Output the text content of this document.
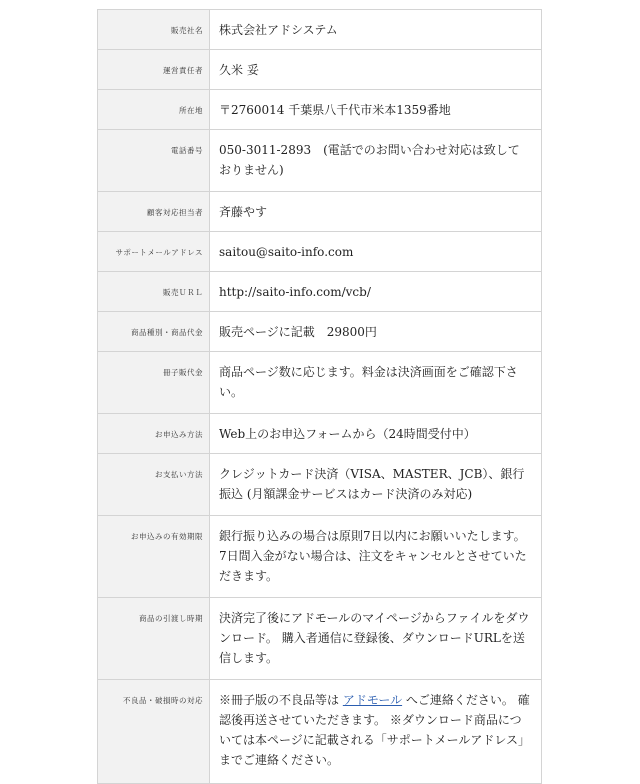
販売社名	株式会社アドシステム
運営責任者	久米 妥
所在地	〒2760014 千葉県八千代市米本1359番地
電話番号	050-3011-2893　(電話でのお問い合わせ対応は致しておりません)
顧客対応担当者	斉藤やす
サポートメールアドレス	saitou@saito-info.com
販売ＵＲＬ	http://saito-info.com/vcb/
商品種別・商品代金	販売ページに記載　29800円
冊子販代金	商品ページ数に応じます。料金は決済画面をご確認下さい。
お申込み方法	Web上のお申込フォームから（24時間受付中）
お支払い方法	クレジットカード決済（VISA、MASTER、JCB）、銀行振込 (月額課金サービスはカード決済のみ対応)
お申込みの有効期限	銀行振り込みの場合は原則7日以内にお願いいたします。 7日間入金がない場合は、注文をキャンセルとさせていただきます。
商品の引渡し時期	決済完了後にアドモールのマイページからファイルをダウンロード。 購入者通信に登録後、ダウンロードURLを送信します。
不良品・破損時の対応	※冊子版の不良品等は アドモール へご連絡ください。 確認後再送させていただきます。 ※ダウンロード商品については本ページに記載される「サポートメールアドレス」 までご連絡ください。
